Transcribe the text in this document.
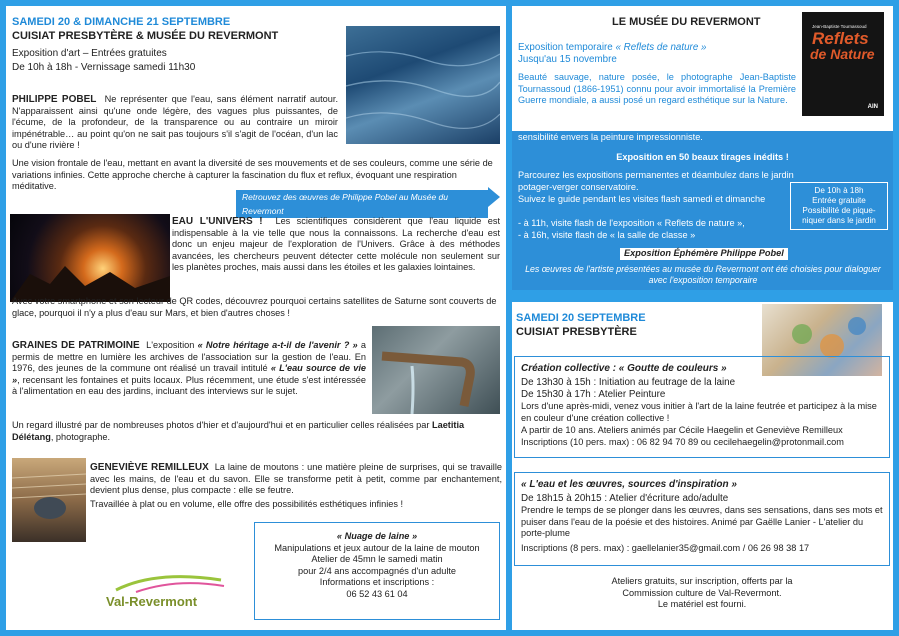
SAMEDI 20 & DIMANCHE 21 SEPTEMBRE
CUISIAT PRESBYTÈRE & MUSÉE DU REVERMONT
Exposition d'art – Entrées gratuites
De 10h à 18h - Vernissage samedi 11h30
PHILIPPE POBEL Ne représenter que l'eau, sans élément narratif autour. N'apparaissent ainsi qu'une onde légère, des vagues plus puissantes, de l'écume, de la profondeur, de la transparence ou au contraire un miroir impénétrable… au point qu'on ne sait pas toujours s'il s'agit de l'océan, d'un lac ou d'une rivière !
Une vision frontale de l'eau, mettant en avant la diversité de ses mouvements et de ses couleurs, comme une série de variations infinies. Cette approche cherche à capturer la fascination du flux et reflux, évoquant une respiration méditative.
Retrouvez des œuvres de Philippe Pobel au Musée du Revermont
EAU L'UNIVERS ! Les scientifiques considèrent que l'eau liquide est indispensable à la vie telle que nous la connaissons. La recherche d'eau est donc un enjeu majeur de l'exploration de l'Univers. Grâce à des méthodes avancées, les chercheurs peuvent détecter cette molécule non seulement sur les planètes proches, mais aussi dans les étoiles et les galaxies lointaines.
Avec votre smartphone et son lecteur de QR codes, découvrez pourquoi certains satellites de Saturne sont couverts de glace, pourquoi il n'y a plus d'eau sur Mars, et bien d'autres choses !
GRAINES DE PATRIMOINE L'exposition « Notre héritage a-t-il de l'avenir ? » a permis de mettre en lumière les archives de l'association sur la gestion de l'eau. En 1976, des jeunes de la commune ont réalisé un travail intitulé « L'eau source de vie », recensant les fontaines et puits locaux. Plus récemment, une étude s'est intéressée à l'alimentation en eau des jardins, incluant des interviews sur le sujet.
Un regard illustré par de nombreuses photos d'hier et d'aujourd'hui et en particulier celles réalisées par Laetitia Délétang, photographe.
GENEVIÈVE REMILLEUX La laine de moutons : une matière pleine de surprises, qui se travaille avec les mains, de l'eau et du savon. Elle se transforme petit à petit, comme par enchantement, devient plus dense, plus compacte : elle se feutre.
Travaillée à plat ou en volume, elle offre des possibilités esthétiques infinies !
« Nuage de laine »
Manipulations et jeux autour de la laine de mouton
Atelier de 45mn le samedi matin
pour 2/4 ans accompagnés d'un adulte
Informations et inscriptions :
06 52 43 61 04
Val-Revermont
LE MUSÉE DU REVERMONT
Exposition temporaire « Reflets de nature »
Jusqu'au 15 novembre
Jean-Baptiste Tournassoud
Reflets
de Nature
AIN
Beauté sauvage, nature posée, le photographe Jean-Baptiste Tournassoud (1866-1951) connu pour avoir immortalisé la Première Guerre mondiale, a aussi posé un regard esthétique sur la Nature.
Ses ciels, ses nuages, ses jeux de reflets de lumière dans l'eau témoignent de sa sensibilité envers la peinture impressionniste.
Exposition en 50 beaux tirages inédits !
Parcourez les expositions permanentes et déambulez dans le jardin potager-verger conservatoire.
Suivez le guide pendant les visites flash samedi et dimanche
- à 11h, visite flash de l'exposition « Reflets de nature »,
- à 16h, visite flash de « la salle de classe »
De 10h à 18h
Entrée gratuite
Possibilité de pique-
niquer dans le jardin
Exposition Éphémère Philippe Pobel
Les œuvres de l'artiste présentées au musée du Revermont ont été choisies pour dialoguer avec l'exposition temporaire
SAMEDI 20 SEPTEMBRE
CUISIAT PRESBYTÈRE
Création collective : « Goutte de couleurs »
De 13h30 à 15h : Initiation au feutrage de la laine
De 15h30 à 17h : Atelier Peinture
Lors d'une après-midi, venez vous initier à l'art de la laine feutrée et participez à la mise en couleur d'une création collective !
A partir de 10 ans. Ateliers animés par Cécile Haegelin et Geneviève Remilleux
Inscriptions (10 pers. max) : 06 82 94 70 89 ou cecilehaegelin@protonmail.com
« L'eau et les œuvres, sources d'inspiration »
De 18h15 à 20h15 : Atelier d'écriture ado/adulte
Prendre le temps de se plonger dans les œuvres, dans ses sensations, dans ses mots et puiser dans l'eau de la poésie et des histoires. Animé par Gaëlle Lanier - L'atelier du porte-plume
Inscriptions (8 pers. max) : gaellelanier35@gmail.com / 06 26 98 38 17
Ateliers gratuits, sur inscription, offerts par la
Commission culture de Val-Revermont.
Le matériel est fourni.
